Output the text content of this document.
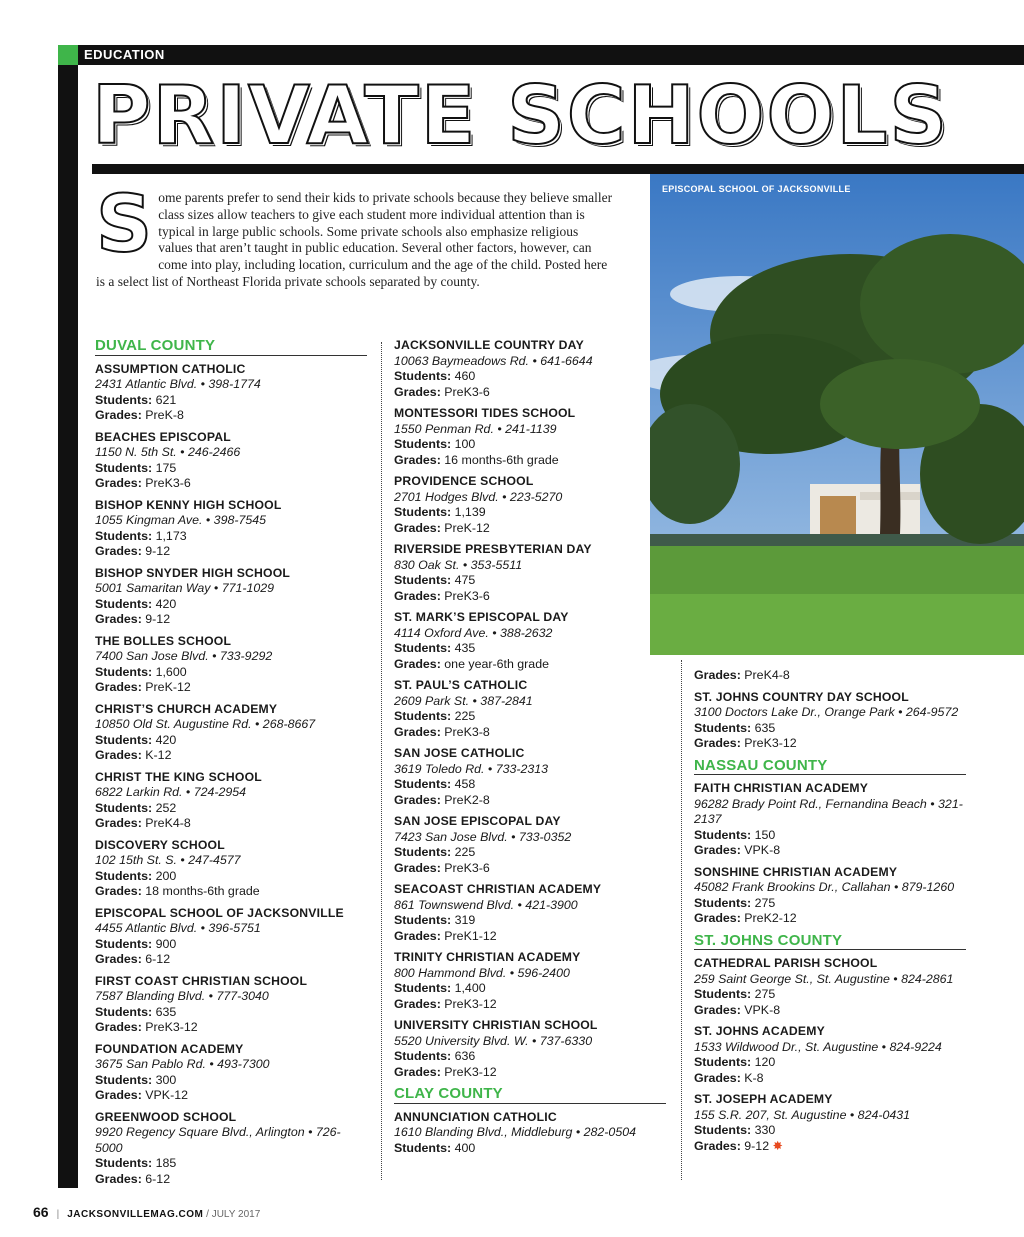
EDUCATION
PRIVATE SCHOOLS
EPISCOPAL SCHOOL OF JACKSONVILLE
S ome parents prefer to send their kids to private schools because they believe smaller class sizes allow teachers to give each student more individual attention than is typical in large public schools. Some private schools also emphasize religious values that aren’t taught in public education. Several other factors, however, can come into play, including location, curriculum and the age of the child. Posted here is a select list of Northeast Florida private schools separated by county.
DUVAL COUNTY
ASSUMPTION CATHOLIC
2431 Atlantic Blvd. • 398-1774
Students: 621
Grades: PreK-8
BEACHES EPISCOPAL
1150 N. 5th St. • 246-2466
Students: 175
Grades: PreK3-6
BISHOP KENNY HIGH SCHOOL
1055 Kingman Ave. • 398-7545
Students: 1,173
Grades: 9-12
BISHOP SNYDER HIGH SCHOOL
5001 Samaritan Way • 771-1029
Students: 420
Grades: 9-12
THE BOLLES SCHOOL
7400 San Jose Blvd. • 733-9292
Students: 1,600
Grades: PreK-12
CHRIST’S CHURCH ACADEMY
10850 Old St. Augustine Rd. • 268-8667
Students: 420
Grades: K-12
CHRIST THE KING SCHOOL
6822 Larkin Rd. • 724-2954
Students: 252
Grades: PreK4-8
DISCOVERY SCHOOL
102 15th St. S. • 247-4577
Students: 200
Grades: 18 months-6th grade
EPISCOPAL SCHOOL OF JACKSONVILLE
4455 Atlantic Blvd. • 396-5751
Students: 900
Grades: 6-12
FIRST COAST CHRISTIAN SCHOOL
7587 Blanding Blvd. • 777-3040
Students: 635
Grades: PreK3-12
FOUNDATION ACADEMY
3675 San Pablo Rd. • 493-7300
Students: 300
Grades: VPK-12
GREENWOOD SCHOOL
9920 Regency Square Blvd., Arlington • 726-5000
Students: 185
Grades: 6-12
JACKSONVILLE COUNTRY DAY
10063 Baymeadows Rd. • 641-6644
Students: 460
Grades: PreK3-6
MONTESSORI TIDES SCHOOL
1550 Penman Rd. • 241-1139
Students: 100
Grades: 16 months-6th grade
PROVIDENCE SCHOOL
2701 Hodges Blvd. • 223-5270
Students: 1,139
Grades: PreK-12
RIVERSIDE PRESBYTERIAN DAY
830 Oak St. • 353-5511
Students: 475
Grades: PreK3-6
ST. MARK’S EPISCOPAL DAY
4114 Oxford Ave. • 388-2632
Students: 435
Grades: one year-6th grade
ST. PAUL’S CATHOLIC
2609 Park St. • 387-2841
Students: 225
Grades: PreK3-8
SAN JOSE CATHOLIC
3619 Toledo Rd. • 733-2313
Students: 458
Grades: PreK2-8
SAN JOSE EPISCOPAL DAY
7423 San Jose Blvd. • 733-0352
Students: 225
Grades: PreK3-6
SEACOAST CHRISTIAN ACADEMY
861 Townswend Blvd. • 421-3900
Students: 319
Grades: PreK1-12
TRINITY CHRISTIAN ACADEMY
800 Hammond Blvd. • 596-2400
Students: 1,400
Grades: PreK3-12
UNIVERSITY CHRISTIAN SCHOOL
5520 University Blvd. W. • 737-6330
Students: 636
Grades: PreK3-12
CLAY COUNTY
ANNUNCIATION CATHOLIC
1610 Blanding Blvd., Middleburg • 282-0504
Students: 400
Grades: PreK4-8
ST. JOHNS COUNTRY DAY SCHOOL
3100 Doctors Lake Dr., Orange Park • 264-9572
Students: 635
Grades: PreK3-12
NASSAU COUNTY
FAITH CHRISTIAN ACADEMY
96282 Brady Point Rd., Fernandina Beach • 321-2137
Students: 150
Grades: VPK-8
SONSHINE CHRISTIAN ACADEMY
45082 Frank Brookins Dr., Callahan • 879-1260
Students: 275
Grades: PreK2-12
ST. JOHNS COUNTY
CATHEDRAL PARISH SCHOOL
259 Saint George St., St. Augustine • 824-2861
Students: 275
Grades: VPK-8
ST. JOHNS ACADEMY
1533 Wildwood Dr., St. Augustine • 824-9224
Students: 120
Grades: K-8
ST. JOSEPH ACADEMY
155 S.R. 207, St. Augustine • 824-0431
Students: 330
Grades: 9-12 ✸
66 | JACKSONVILLEMAG.COM / JULY 2017
